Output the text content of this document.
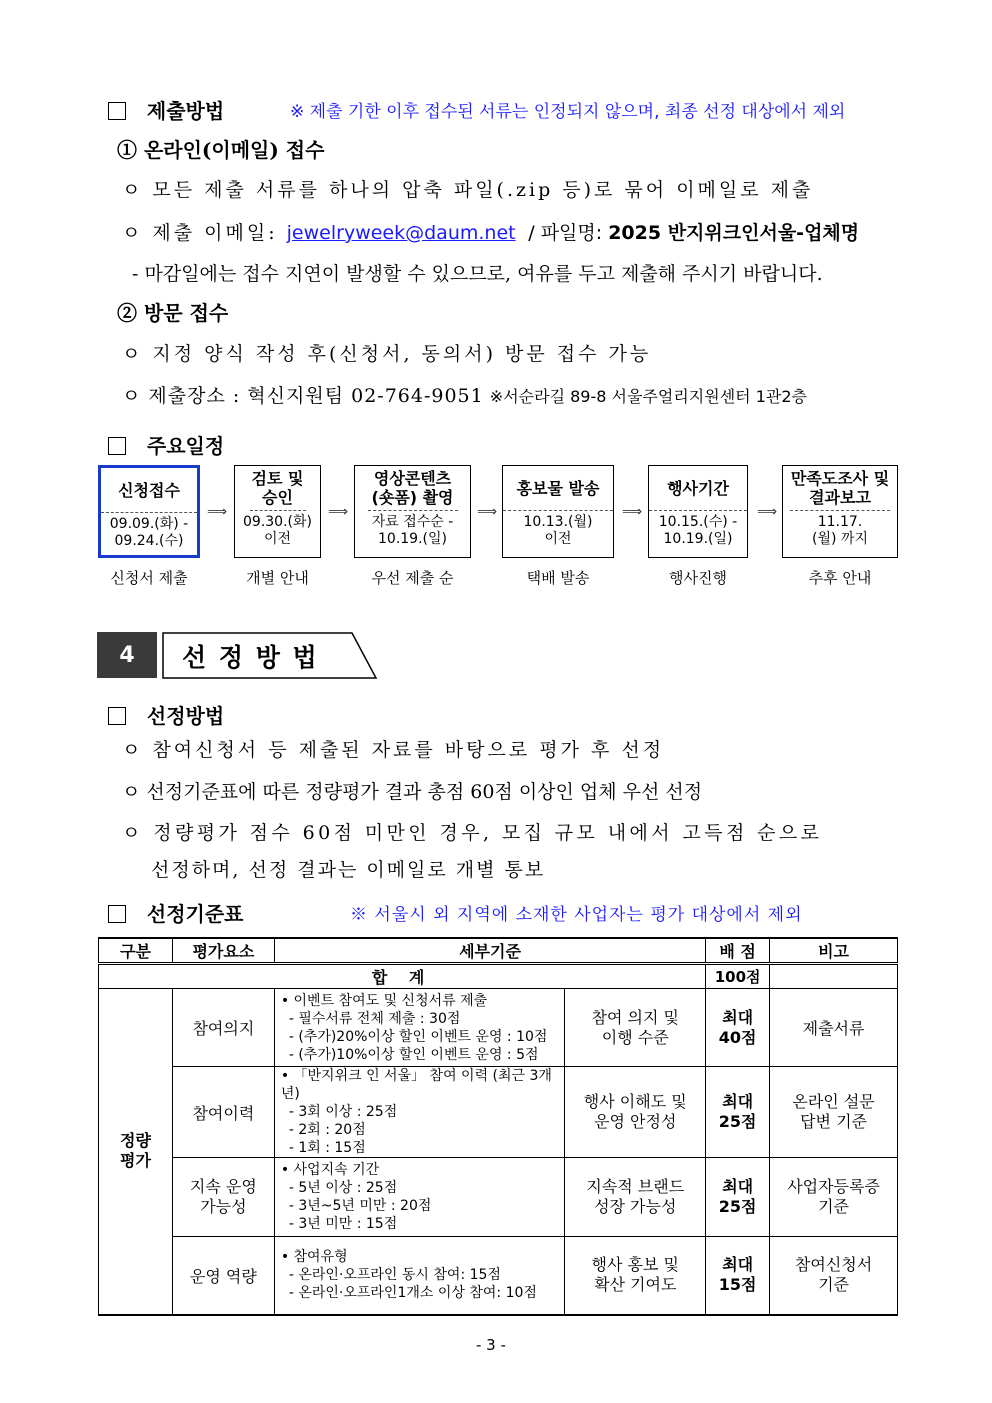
제출방법	※ 제출 기한 이후 접수된 서류는 인정되지 않으며, 최종 선정 대상에서 제외
① 온라인(이메일) 접수
ㅇ 모든 제출 서류를 하나의 압축 파일(.zip 등)로 묶어 이메일로 제출
ㅇ 제출 이메일: jewelryweek@daum.net  / 파일명: 2025 반지위크인서울-업체명
- 마감일에는 접수 지연이 발생할 수 있으므로, 여유를 두고 제출해 주시기 바랍니다.
② 방문 접수
ㅇ 지정 양식 작성 후(신청서, 동의서) 방문 접수 가능
ㅇ 제출장소 : 혁신지원팀 02-764-9051 ※서순라길 89-8 서울주얼리지원센터 1관2층
주요일정
신청접수
09.09.(화) - 09.24.(수)
⟹
검토 및 승인
09.30.(화) 이전
⟹
영상콘텐츠 (숏폼) 촬영
자료 접수순 - 10.19.(일)
⟹
홍보물 발송
10.13.(월) 이전
⟹
행사기간
10.15.(수) - 10.19.(일)
⟹
만족도조사 및 결과보고
11.17.(월) 까지
신청서 제출	개별 안내	우선 제출 순	택배 발송	행사진행	추후 안내
4	선 정 방 법
선정방법
ㅇ 참여신청서 등 제출된 자료를 바탕으로 평가 후 선정
ㅇ 선정기준표에 따른 정량평가 결과 총점 60점 이상인 업체 우선 선정
ㅇ 정량평가 점수 60점 미만인 경우, 모집 규모 내에서 고득점 순으로
선정하며, 선정 결과는 이메일로 개별 통보
선정기준표	※ 서울시 외 지역에 소재한 사업자는 평가 대상에서 제외
구분	평가요소	세부기준		배 점	비고
합 계				100점	
정량 평가	참여의지	• 이벤트 참여도 및 신청서류 제출
- 필수서류 전체 제출 : 30점
- (추가)20%이상 할인 이벤트 운영 : 10점
- (추가)10%이상 할인 이벤트 운영 : 5점	참여 의지 및 이행 수준	최대 40점	제출서류
	참여이력	• 「반지위크 인 서울」 참여 이력 (최근 3개년)
- 3회 이상 : 25점
- 2회 : 20점
- 1회 : 15점	행사 이해도 및 운영 안정성	최대 25점	온라인 설문 답변 기준
	지속 운영 가능성	• 사업지속 기간
- 5년 이상 : 25점
- 3년~5년 미만 : 20점
- 3년 미만 : 15점	지속적 브랜드 성장 가능성	최대 25점	사업자등록증 기준
	운영 역량	• 참여유형
- 온라인·오프라인 동시 참여: 15점
- 온라인·오프라인1개소 이상 참여: 10점	행사 홍보 및 확산 기여도	최대 15점	참여신청서 기준
- 3 -
